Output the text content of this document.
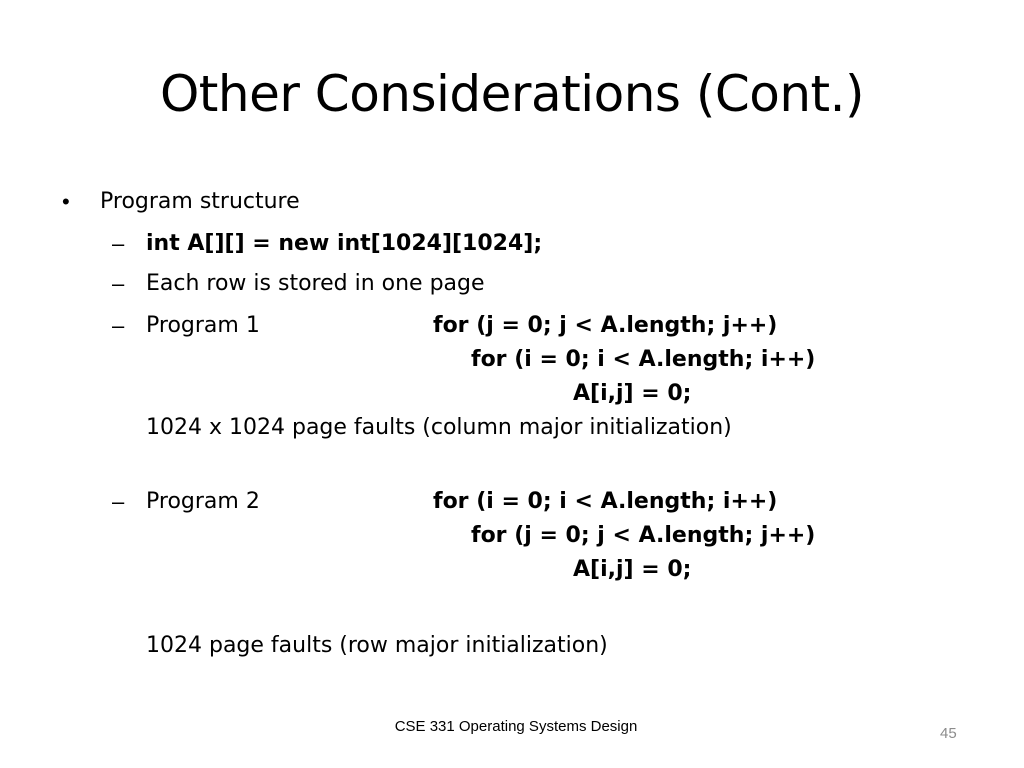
Other Considerations (Cont.)
• Program structure
– int A[][] = new int[1024][1024];
– Each row is stored in one page
– Program 1	for (j = 0; j < A.length; j++)
for (i = 0; i < A.length; i++)
A[i,j] = 0;
1024 x 1024 page faults (column major initialization)
– Program 2	for (i = 0; i < A.length; i++)
for (j = 0; j < A.length; j++)
A[i,j] = 0;
1024 page faults (row major initialization)
CSE 331 Operating Systems Design	45
